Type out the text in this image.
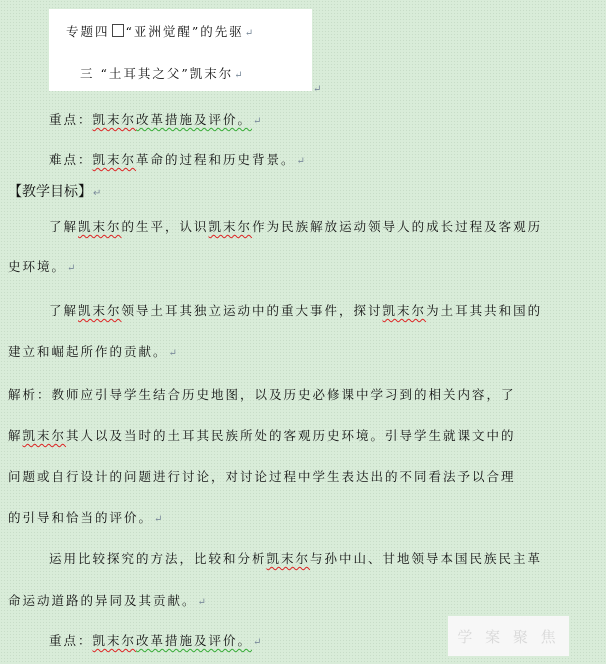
专题四 “亚洲觉醒”的先驱↵
三 “土耳其之父”凯末尔↵
↵
重点：凯末尔改革措施及评价。↵
难点：凯末尔革命的过程和历史背景。↵
【教学目标】↵
了解凯末尔的生平，认识凯末尔作为民族解放运动领导人的成长过程及客观历
史环境。↵
了解凯末尔领导土耳其独立运动中的重大事件，探讨凯末尔为土耳其共和国的
建立和崛起所作的贡献。↵
解析：教师应引导学生结合历史地图，以及历史必修课中学习到的相关内容，了
解凯末尔其人以及当时的土耳其民族所处的客观历史环境。引导学生就课文中的
问题或自行设计的问题进行讨论，对讨论过程中学生表达出的不同看法予以合理
的引导和恰当的评价。↵
运用比较探究的方法，比较和分析凯末尔与孙中山、甘地领导本国民族民主革
命运动道路的异同及其贡献。↵
重点：凯末尔改革措施及评价。↵	学 案 聚 焦
